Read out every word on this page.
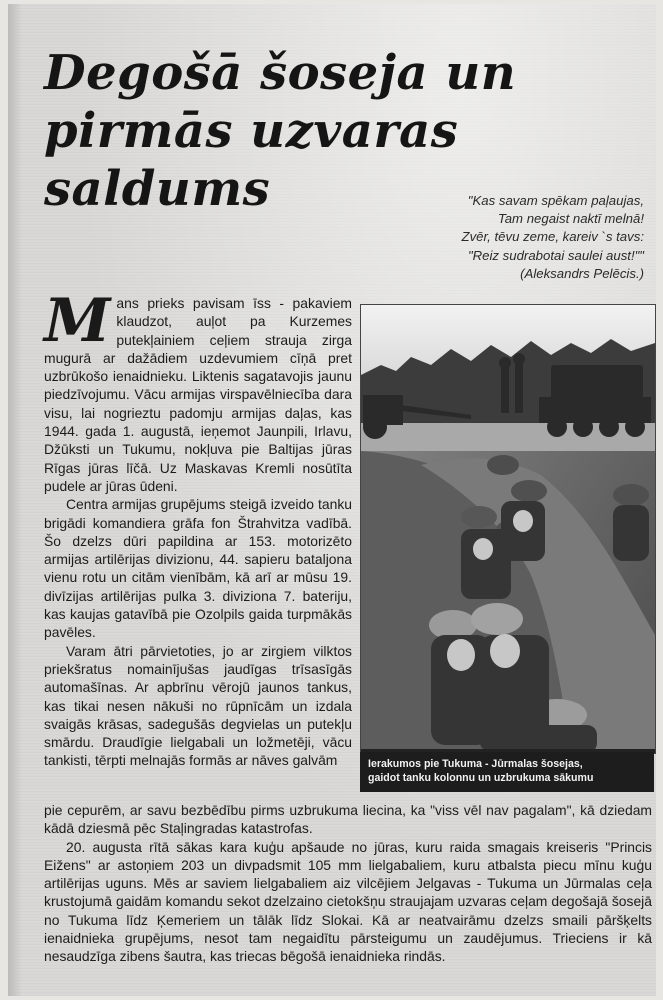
Degošā šoseja un pirmās uzvaras saldums	"Kas savam spēkam paļaujas,
Tam negaist naktī melnā!
Zvēr, tēvu zeme, kareiv `s tavs:
"Reiz sudrabotai saulei aust!""
(Aleksandrs Pelēcis.)

Mans prieks pavisam īss - pakaviem klaudzot, auļot pa Kurzemes putekļainiem ceļiem strauja zirga mugurā ar dažādiem uzdevumiem cīņā pret uzbrūkošo ienaidnieku. Liktenis sagatavojis jaunu piedzīvojumu. Vācu armijas virspavēlniecība dara visu, lai nogrieztu padomju armijas daļas, kas 1944. gada 1. augustā, ieņemot Jaunpili, Irlavu, Džūksti un Tukumu, nokļuva pie Baltijas jūras Rīgas jūras līčā. Uz Maskavas Kremli nosūtīta pudele ar jūras ūdeni.

Centra armijas grupējums steigā izveido tanku brigādi komandiera grāfa fon Štrahvitza vadībā. Šo dzelzs dūri papildina ar 153. motorizēto armijas artilērijas divizionu, 44. sapieru bataljona vienu rotu un citām vienībām, kā arī ar mūsu 19. divīzijas artilērijas pulka 3. diviziona 7. bateriju, kas kaujas gatavībā pie Ozolpils gaida turpmākās pavēles.

Varam ātri pārvietoties, jo ar zirgiem vilktos priekšratus nomainījušas jaudīgas trīsasīgās automašīnas. Ar apbrīnu vērojū jaunos tankus, kas tikai nesen nākuši no rūpnīcām un izdala svaigās krāsas, sadegušās degvielas un putekļu smārdu. Draudīgie lielgabali un ložmetēji, vācu tankisti, tērpti melnajās formās ar nāves galvām	Ierakumos pie Tukuma - Jūrmalas šosejas,
gaidot tanku kolonnu un uzbrukuma sākumu

pie cepurēm, ar savu bezbēdību pirms uzbrukuma liecina, ka "viss vēl nav pagalam", kā dziedam kādā dziesmā pēc Staļingradas katastrofas.

20. augusta rītā sākas kara kuģu apšaude no jūras, kuru raida smagais kreiseris "Princis Eižens" ar astoņiem 203 un divpadsmit 105 mm lielgabaliem, kuru atbalsta piecu mīnu kuģu artilērijas uguns. Mēs ar saviem lielgabaliem aiz vilcējiem Jelgavas - Tukuma un Jūrmalas ceļa krustojumā gaidām komandu sekot dzelzaino cietokšņu straujajam uzvaras ceļam degošajā šosejā no Tukuma līdz Ķemeriem un tālāk līdz Slokai. Kā ar neatvairāmu dzelzs smaili pāršķelts ienaidnieka grupējums, nesot tam negaidītu pārsteigumu un zaudējumus. Trieciens ir kā nesaudzīga zibens šautra, kas triecas bēgošā ienaidnieka rindās.
